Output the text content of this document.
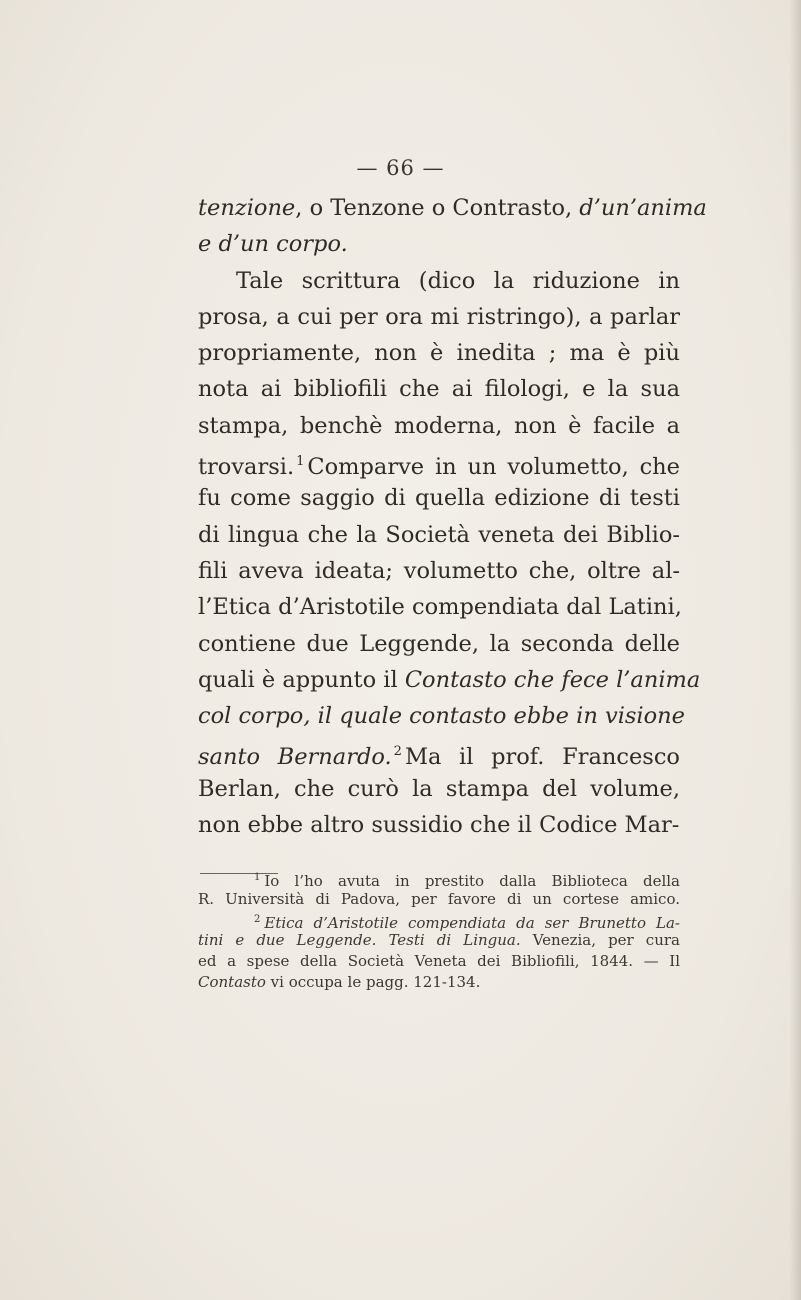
— 66 —
tenzione, o Tenzone o Contrasto, d’un’anima
e d’un corpo.
Tale scrittura (dico la riduzione in
prosa, a cui per ora mi ristringo), a parlar
propriamente, non è inedita ; ma è più
nota ai bibliofili che ai filologi, e la sua
stampa, benchè moderna, non è facile a
trovarsi. $^1$ Comparve in un volumetto, che
fu come saggio di quella edizione di testi
di lingua che la Società veneta dei Biblio-
fili aveva ideata; volumetto che, oltre al-
l’Etica d’Aristotile compendiata dal Latini,
contiene due Leggende, la seconda delle
quali è appunto il Contasto che fece l’anima
col corpo, il quale contasto ebbe in visione
santo Bernardo. $^2$ Ma il prof. Francesco
Berlan, che curò la stampa del volume,
non ebbe altro sussidio che il Codice Mar-
$^1$ Io l’ho avuta in prestito dalla Biblioteca della
R. Università di Padova, per favore di un cortese amico.
$^2$ Etica d’Aristotile compendiata da ser Brunetto La-
tini e due Leggende. Testi di Lingua. Venezia, per cura
ed a spese della Società Veneta dei Bibliofili, 1844. — Il
Contasto vi occupa le pagg. 121-134.
